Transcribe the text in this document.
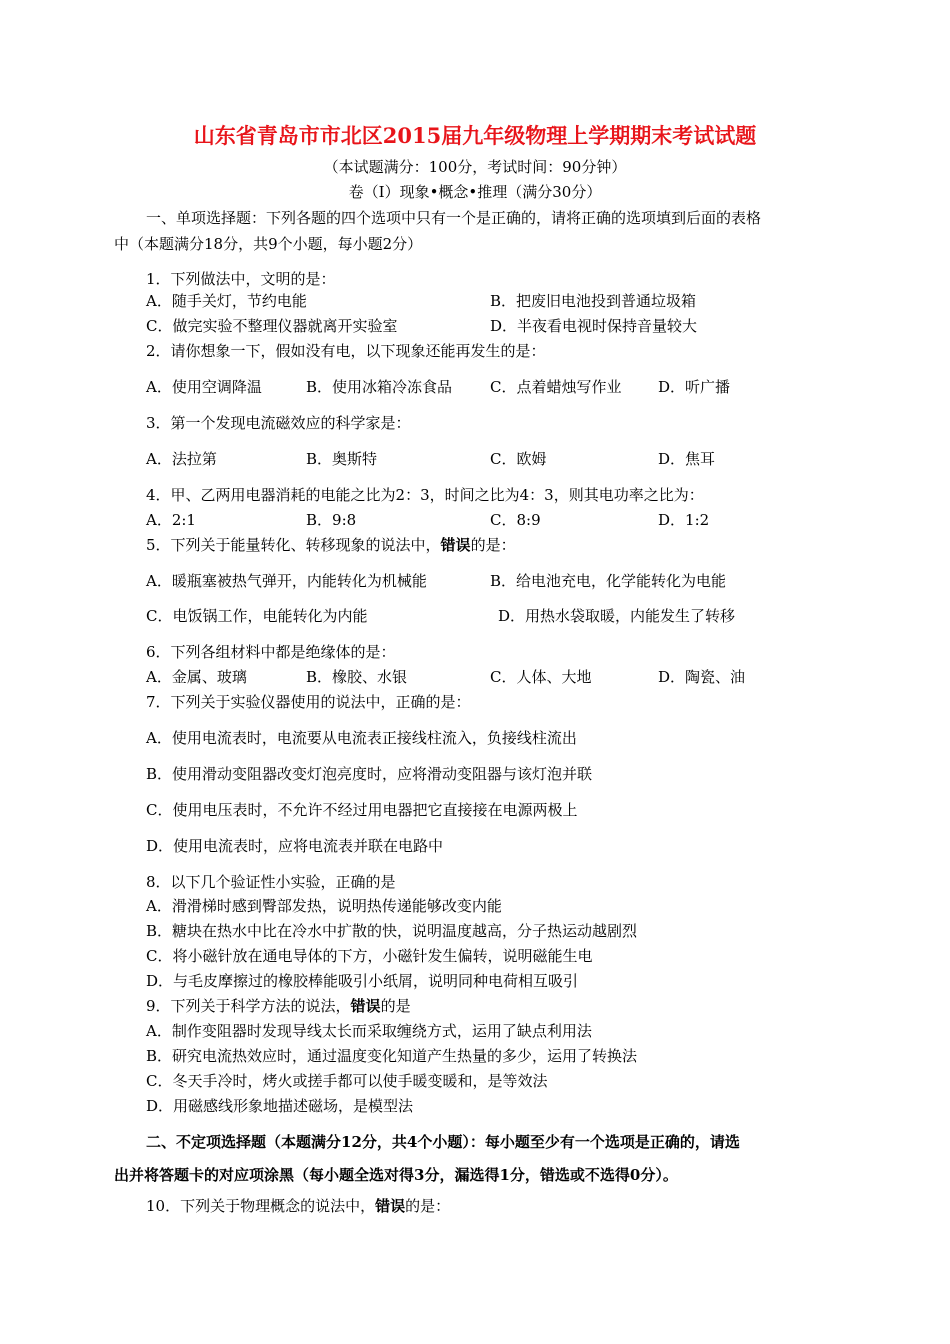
山东省青岛市市北区2015届九年级物理上学期期末考试试题
（本试题满分：100分，考试时间：90分钟）
卷（Ⅰ）现象•概念•推理（满分30分）
一、单项选择题：下列各题的四个选项中只有一个是正确的，请将正确的选项填到后面的表格
中（本题满分18分，共9个小题，每小题2分）
1．下列做法中，文明的是：
A．随手关灯，节约电能	B．把废旧电池投到普通垃圾箱
C．做完实验不整理仪器就离开实验室	D．半夜看电视时保持音量较大
2．请你想象一下，假如没有电，以下现象还能再发生的是：
A．使用空调降温	B．使用冰箱冷冻食品	C．点着蜡烛写作业 D．听广播
3．第一个发现电流磁效应的科学家是：
A．法拉第	B．奥斯特	C．欧姆	D．焦耳
4．甲、乙两用电器消耗的电能之比为2：3，时间之比为4：3，则其电功率之比为：
A．2:1	B．9:8	C．8:9	D．1:2
5．下列关于能量转化、转移现象的说法中，错误的是：
A．暖瓶塞被热气弹开，内能转化为机械能	B．给电池充电，化学能转化为电能
C．电饭锅工作，电能转化为内能	D．用热水袋取暖，内能发生了转移
6．下列各组材料中都是绝缘体的是：
A．金属、玻璃	B．橡胶、水银	C．人体、大地	D．陶瓷、油
7．下列关于实验仪器使用的说法中，正确的是：
A．使用电流表时，电流要从电流表正接线柱流入，负接线柱流出
B．使用滑动变阻器改变灯泡亮度时，应将滑动变阻器与该灯泡并联
C．使用电压表时，不允许不经过用电器把它直接接在电源两极上
D．使用电流表时，应将电流表并联在电路中
8．以下几个验证性小实验，正确的是
A．滑滑梯时感到臀部发热，说明热传递能够改变内能
B．糖块在热水中比在冷水中扩散的快，说明温度越高，分子热运动越剧烈
C．将小磁针放在通电导体的下方，小磁针发生偏转，说明磁能生电
D．与毛皮摩擦过的橡胶棒能吸引小纸屑，说明同种电荷相互吸引
9．下列关于科学方法的说法，错误的是
A．制作变阻器时发现导线太长而采取缠绕方式，运用了缺点利用法
B．研究电流热效应时，通过温度变化知道产生热量的多少，运用了转换法
C．冬天手冷时，烤火或搓手都可以使手暖变暖和，是等效法
D．用磁感线形象地描述磁场，是模型法
二、不定项选择题（本题满分12分，共4个小题）：每小题至少有一个选项是正确的，请选
出并将答题卡的对应项涂黑（每小题全选对得3分，漏选得1分，错选或不选得0分）。
10．下列关于物理概念的说法中，错误的是：
